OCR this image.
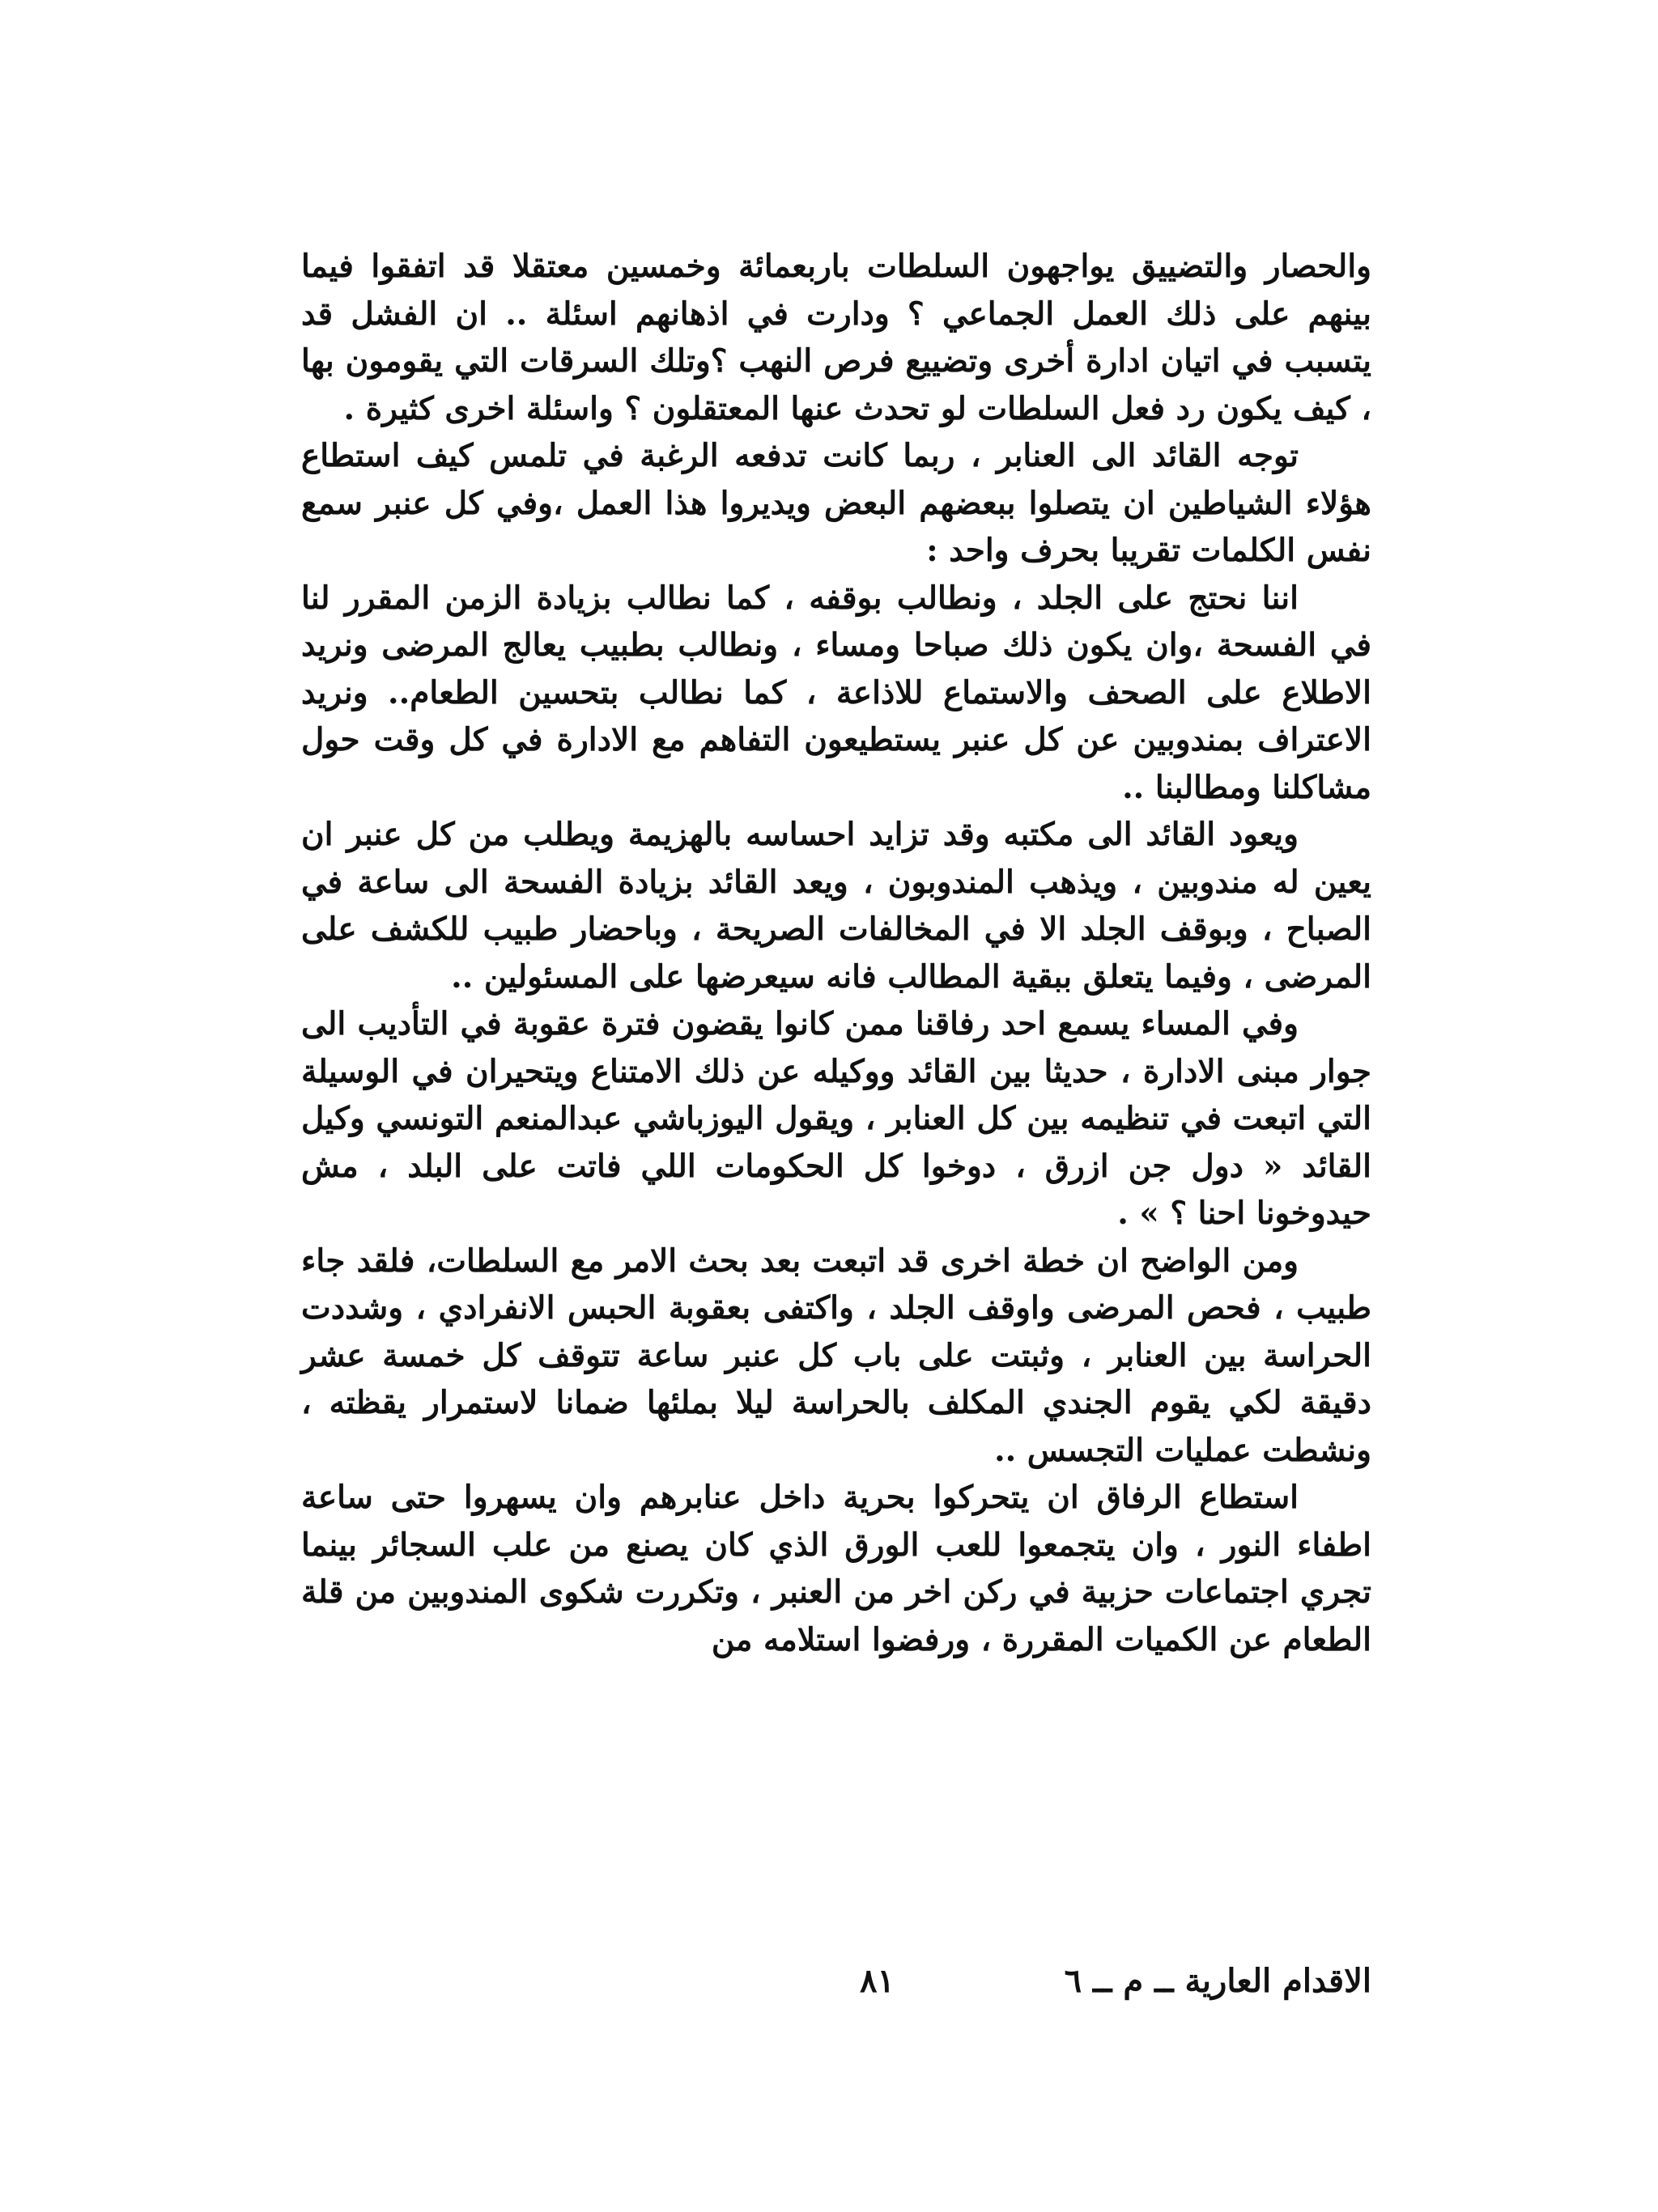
والحصار والتضييق يواجهون السلطات باربعمائة وخمسين معتقلا قد اتفقوا فيما بينهم على ذلك العمل الجماعي ؟ ودارت في اذهانهم اسئلة .. ان الفشل قد يتسبب في اتيان ادارة أخرى وتضييع فرص النهب ؟وتلك السرقات التي يقومون بها ، كيف يكون رد فعل السلطات لو تحدث عنها المعتقلون ؟ واسئلة اخرى كثيرة .

توجه القائد الى العنابر ، ربما كانت تدفعه الرغبة في تلمس كيف استطاع هؤلاء الشياطين ان يتصلوا ببعضهم البعض ويديروا هذا العمل ،وفي كل عنبر سمع نفس الكلمات تقريبا بحرف واحد :

اننا نحتج على الجلد ، ونطالب بوقفه ، كما نطالب بزيادة الزمن المقرر لنا في الفسحة ،وان يكون ذلك صباحا ومساء ، ونطالب بطبيب يعالج المرضى ونريد الاطلاع على الصحف والاستماع للاذاعة ، كما نطالب بتحسين الطعام.. ونريد الاعتراف بمندوبين عن كل عنبر يستطيعون التفاهم مع الادارة في كل وقت حول مشاكلنا ومطالبنا ..

ويعود القائد الى مكتبه وقد تزايد احساسه بالهزيمة ويطلب من كل عنبر ان يعين له مندوبين ، ويذهب المندوبون ، ويعد القائد بزيادة الفسحة الى ساعة في الصباح ، وبوقف الجلد الا في المخالفات الصريحة ، وباحضار طبيب للكشف على المرضى ، وفيما يتعلق ببقية المطالب فانه سيعرضها على المسئولين ..

وفي المساء يسمع احد رفاقنا ممن كانوا يقضون فترة عقوبة في التأديب الى جوار مبنى الادارة ، حديثا بين القائد ووكيله عن ذلك الامتناع ويتحيران في الوسيلة التي اتبعت في تنظيمه بين كل العنابر ، ويقول اليوزباشي عبدالمنعم التونسي وكيل القائد « دول جن ازرق ، دوخوا كل الحكومات اللي فاتت على البلد ، مش حيدوخونا احنا ؟ » .

ومن الواضح ان خطة اخرى قد اتبعت بعد بحث الامر مع السلطات، فلقد جاء طبيب ، فحص المرضى واوقف الجلد ، واكتفى بعقوبة الحبس الانفرادي ، وشددت الحراسة بين العنابر ، وثبتت على باب كل عنبر ساعة تتوقف كل خمسة عشر دقيقة لكي يقوم الجندي المكلف بالحراسة ليلا بملئها ضمانا لاستمرار يقظته ، ونشطت عمليات التجسس ..

استطاع الرفاق ان يتحركوا بحرية داخل عنابرهم وان يسهروا حتى ساعة اطفاء النور ، وان يتجمعوا للعب الورق الذي كان يصنع من علب السجائر بينما تجري اجتماعات حزبية في ركن اخر من العنبر ، وتكررت شكوى المندوبين من قلة الطعام عن الكميات المقررة ، ورفضوا استلامه من

الاقدام العارية ــ م ــ ٦
٨١
